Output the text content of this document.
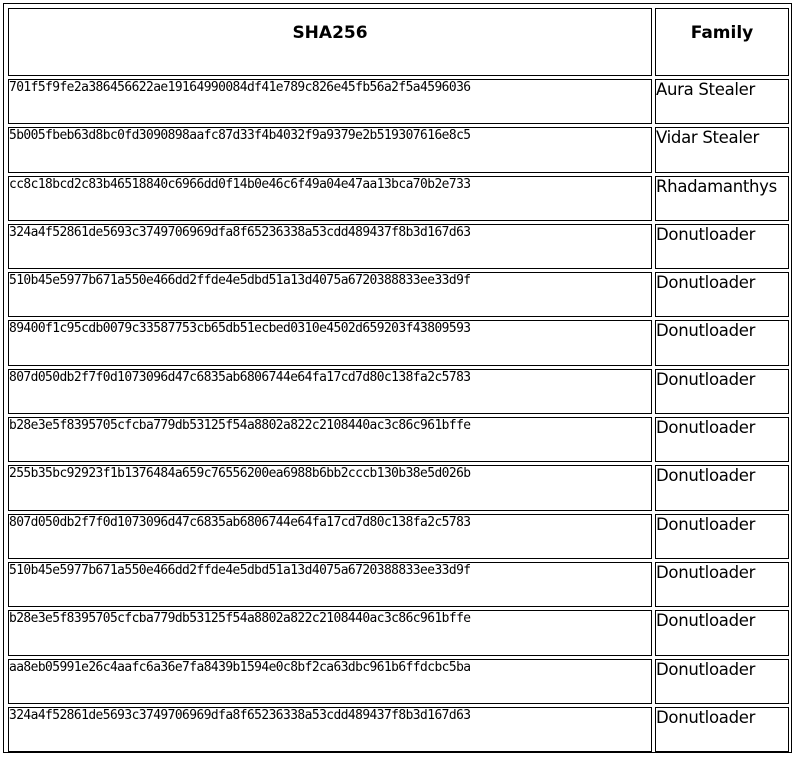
SHA256	Family
701f5f9fe2a386456622ae19164990084df41e789c826e45fb56a2f5a4596036	Aura Stealer
5b005fbeb63d8bc0fd3090898aafc87d33f4b4032f9a9379e2b519307616e8c5	Vidar Stealer
cc8c18bcd2c83b46518840c6966dd0f14b0e46c6f49a04e47aa13bca70b2e733	Rhadamanthys
324a4f52861de5693c3749706969dfa8f65236338a53cdd489437f8b3d167d63	Donutloader
510b45e5977b671a550e466dd2ffde4e5dbd51a13d4075a6720388833ee33d9f	Donutloader
89400f1c95cdb0079c33587753cb65db51ecbed0310e4502d659203f43809593	Donutloader
807d050db2f7f0d1073096d47c6835ab6806744e64fa17cd7d80c138fa2c5783	Donutloader
b28e3e5f8395705cfcba779db53125f54a8802a822c2108440ac3c86c961bffe	Donutloader
255b35bc92923f1b1376484a659c76556200ea6988b6bb2cccb130b38e5d026b	Donutloader
807d050db2f7f0d1073096d47c6835ab6806744e64fa17cd7d80c138fa2c5783	Donutloader
510b45e5977b671a550e466dd2ffde4e5dbd51a13d4075a6720388833ee33d9f	Donutloader
b28e3e5f8395705cfcba779db53125f54a8802a822c2108440ac3c86c961bffe	Donutloader
aa8eb05991e26c4aafc6a36e7fa8439b1594e0c8bf2ca63dbc961b6ffdcbc5ba	Donutloader
324a4f52861de5693c3749706969dfa8f65236338a53cdd489437f8b3d167d63	Donutloader
